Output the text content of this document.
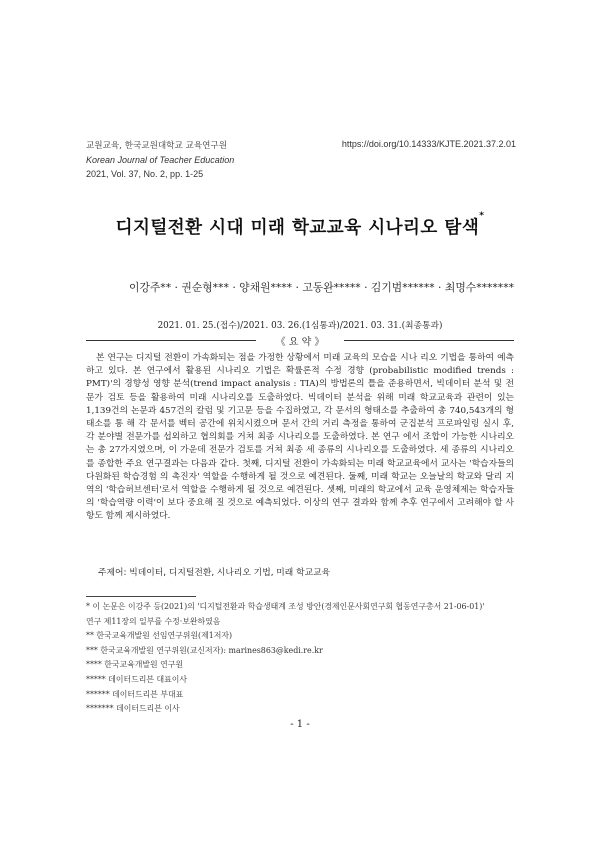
교원교육, 한국교원대학교 교육연구원
Korean Journal of Teacher Education
2021, Vol. 37, No. 2, pp. 1-25
https://doi.org/10.14333/KJTE.2021.37.2.01
디지털전환 시대 미래 학교교육 시나리오 탐색*
이강주** · 권순형*** · 양채원**** · 고동완***** · 김기범****** · 최명수*******
2021. 01. 25.(접수)/2021. 03. 26.(1심통과)/2021. 03. 31.(최종통과)
《 요 약 》

본 연구는 디지털 전환이 가속화되는 점을 가정한 상황에서 미래 교육의 모습을 시나 리오 기법을 통하여 예측하고 있다. 본 연구에서 활용된 시나리오 기법은 확률론적 수정 경향 (probabilistic modified trends : PMT)'의 경향성 영향 분석(trend impact analysis : TIA)의 방법론의 틀을 준용하면서, 빅데이터 분석 및 전문가 검토 등을 활용하여 미래 시나리오를 도출하였다. 빅데이터 분석을 위해 미래 학교교육과 관련이 있는 1,139건의 논문과 457건의 칼럼 및 기고문 등을 수집하였고, 각 문서의 형태소를 추출하여 총 740,543개의 형태소를 통 해 각 문서를 벡터 공간에 위치시켰으며 문서 간의 거리 측정을 통하여 군집분석 프로파일링 실시 후, 각 분야별 전문가를 섭외하고 협의회를 거쳐 최종 시나리오를 도출하였다. 본 연구 에서 조합이 가능한 시나리오는 총 27가지였으며, 이 가운데 전문가 검토를 거쳐 최종 세 종류의 시나리오를 도출하였다. 세 종류의 시나리오를 종합한 주요 연구결과는 다음과 같다. 첫째, 디지털 전환이 가속화되는 미래 학교교육에서 교사는 '학습자들의 다원화된 학습경험 의 촉진자' 역할을 수행하게 될 것으로 예견된다. 둘째, 미래 학교는 오늘날의 학교와 달리 지역의 '학습허브센터'로서 역할을 수행하게 될 것으로 예견된다. 셋째, 미래의 학교에서 교육 운영체제는 학습자들의 '학습역량 이력'이 보다 중요해 질 것으로 예측되었다. 이상의 연구 결과와 함께 추후 연구에서 고려해야 할 사항도 함께 제시하였다.

주제어: 빅데이터, 디지털전환, 시나리오 기법, 미래 학교교육
* 이 논문은 이강주 등(2021)의 '디지털전환과 학습생태계 조성 방안(경제인문사회연구회 협동연구총서 21-06-01)'
연구 제11장의 일부를 수정·보완하였음
** 한국교육개발원 선임연구위원(제1저자)
*** 한국교육개발원 연구위원(교신저자): marines863@kedi.re.kr
**** 한국교육개발원 연구원
***** 데이터드리븐 대표이사
****** 데이터드리븐 부대표
******* 데이터드리븐 이사
- 1 -
